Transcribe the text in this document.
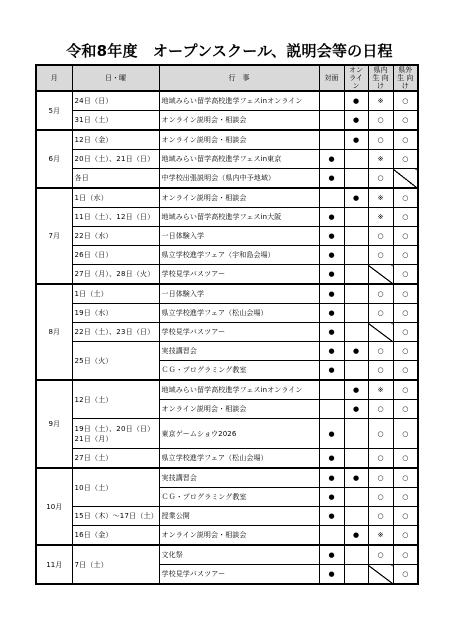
令和8年度　オープンスクール、説明会等の日程
月	日・曜	行　事	対面	オン ライン	県内生 向け	県外生 向け
5月	24日（日）	地域みらい留学高校進学フェスinオンライン		●	※	○
	31日（土）	オンライン説明会・相談会		●	○	○
6月	12日（金）	オンライン説明会・相談会		●	○	○
	20日（土）、21日（日）	地域みらい留学高校進学フェスin東京	●		※	○
	各日	中学校出張説明会（県内中予地域）	●		○	
7月	1日（水）	オンライン説明会・相談会		●	※	○
	11日（土）、12日（日）	地域みらい留学高校進学フェスin大阪	●		※	○
	22日（水）	一日体験入学	●		○	○
	26日（日）	県立学校進学フェア（宇和島会場）	●		○	○
	27日（月）、28日（火）	学校見学バスツアー	●			○
8月	1日（土）	一日体験入学	●		○	○
	19日（水）	県立学校進学フェア（松山会場）	●		○	○
	22日（土）、23日（日）	学校見学バスツアー	●			○
	25日（火）	実技講習会	●	●	○	○
		ＣＧ・プログラミング教室	●		○	○
9月	12日（土）	地域みらい留学高校進学フェスinオンライン		●	※	○
		オンライン説明会・相談会		●	○	○
	19日（土）、20日（日） 21日（月）	東京ゲームショウ2026	●		○	○
	27日（土）	県立学校進学フェア（松山会場）	●		○	○
10月	10日（土）	実技講習会	●	●	○	○
		ＣＧ・プログラミング教室	●		○	○
	15日（木）～17日（土）	授業公開	●		○	○
	16日（金）	オンライン説明会・相談会		●	※	○
11月	7日（土）	文化祭	●		○	○
		学校見学バスツアー	●			○
